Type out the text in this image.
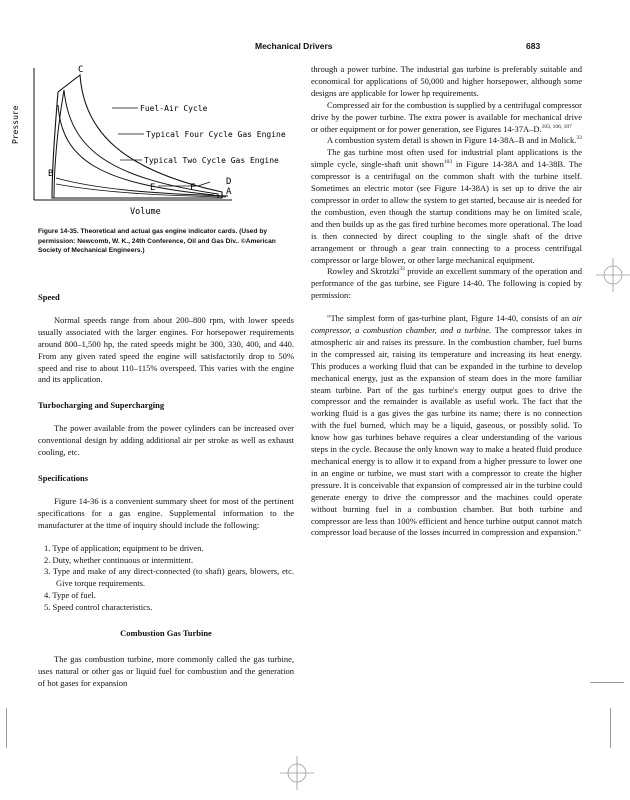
Mechanical Drivers	683
Pressure
Volume
Fuel-Air Cycle
Typical Four Cycle Gas Engine
Typical Two Cycle Gas Engine
C
B
D
A
E	F
Figure 14-35. Theoretical and actual gas engine indicator cards. (Used by permission: Newcomb, W. K., 24th Conference, Oil and Gas Div.. ©American Society of Mechanical Engineers.)

Speed

Normal speeds range from about 200–800 rpm, with lower speeds usually associated with the larger engines. For horsepower requirements around 800–1,500 hp, the rated speeds might be 300, 330, 400, and 440. From any given rated speed the engine will satisfactorily drop to 50% speed and rise to about 110–115% overspeed. This varies with the engine and its application.

Turbocharging and Supercharging

The power available from the power cylinders can be increased over conventional design by adding additional air per stroke as well as exhaust cooling, etc.

Specifications

Figure 14-36 is a convenient summary sheet for most of the pertinent specifications for a gas engine. Supplemental information to the manufacturer at the time of inquiry should include the following:

1. Type of application; equipment to be driven.
2. Duty, whether continuous or intermittent.
3. Type and make of any direct-connected (to shaft) gears, blowers, etc. Give torque requirements.
4. Type of fuel.
5. Speed control characteristics.

Combustion Gas Turbine

The gas combustion turbine, more commonly called the gas turbine, uses natural or other gas or liquid fuel for combustion and the generation of hot gases for expansion

through a power turbine. The industrial gas turbine is preferably suitable and economical for applications of 50,000 and higher horsepower, although some designs are applicable for lower hp requirements.

Compressed air for the combustion is supplied by a centrifugal compressor drive by the power turbine. The extra power is available for mechanical drive or other equipment or for power generation, see Figures 14-37A–D.$^{103, 106, 107}$

A combustion system detail is shown in Figure 14-38A–B and in Molick.$^{33}$

The gas turbine most often used for industrial plant applications is the simple cycle, single-shaft unit shown$^{103}$ in Figure 14-38A and 14-38B. The compressor is a centrifugal on the common shaft with the turbine itself. Sometimes an electric motor (see Figure 14-38A) is set up to drive the air compressor in order to allow the system to get started, because air is needed for the combustion, even though the startup conditions may be on limited scale, and then builds up as the gas fired turbine becomes more operational. The load is then connected by direct coupling to the single shaft of the drive arrangement or through a gear train connecting to a process centrifugal compressor or large blower, or other large mechanical equipment.

Rowley and Skrotzki$^{33}$ provide an excellent summary of the operation and performance of the gas turbine, see Figure 14-40. The following is copied by permission:

"The simplest form of gas-turbine plant, Figure 14-40, consists of an air compressor, a combustion chamber, and a turbine. The compressor takes in atmospheric air and raises its pressure. In the combustion chamber, fuel burns in the compressed air, raising its temperature and increasing its heat energy. This produces a working fluid that can be expanded in the turbine to develop mechanical energy, just as the expansion of steam does in the more familiar steam turbine. Part of the gas turbine's energy output goes to drive the compressor and the remainder is available as useful work. The fact that the working fluid is a gas gives the gas turbine its name; there is no connection with the fuel burned, which may be a liquid, gaseous, or possibly solid. To know how gas turbines behave requires a clear understanding of the various steps in the cycle. Because the only known way to make a heated fluid produce mechanical energy is to allow it to expand from a higher pressure to lower one in an engine or turbine, we must start with a compressor to create the higher pressure. It is conceivable that expansion of compressed air in the turbine could generate energy to drive the compressor and the machines could operate without burning fuel in a combustion chamber. But both turbine and compressor are less than 100% efficient and hence turbine output cannot match compressor load because of the losses incurred in compression and expansion."
